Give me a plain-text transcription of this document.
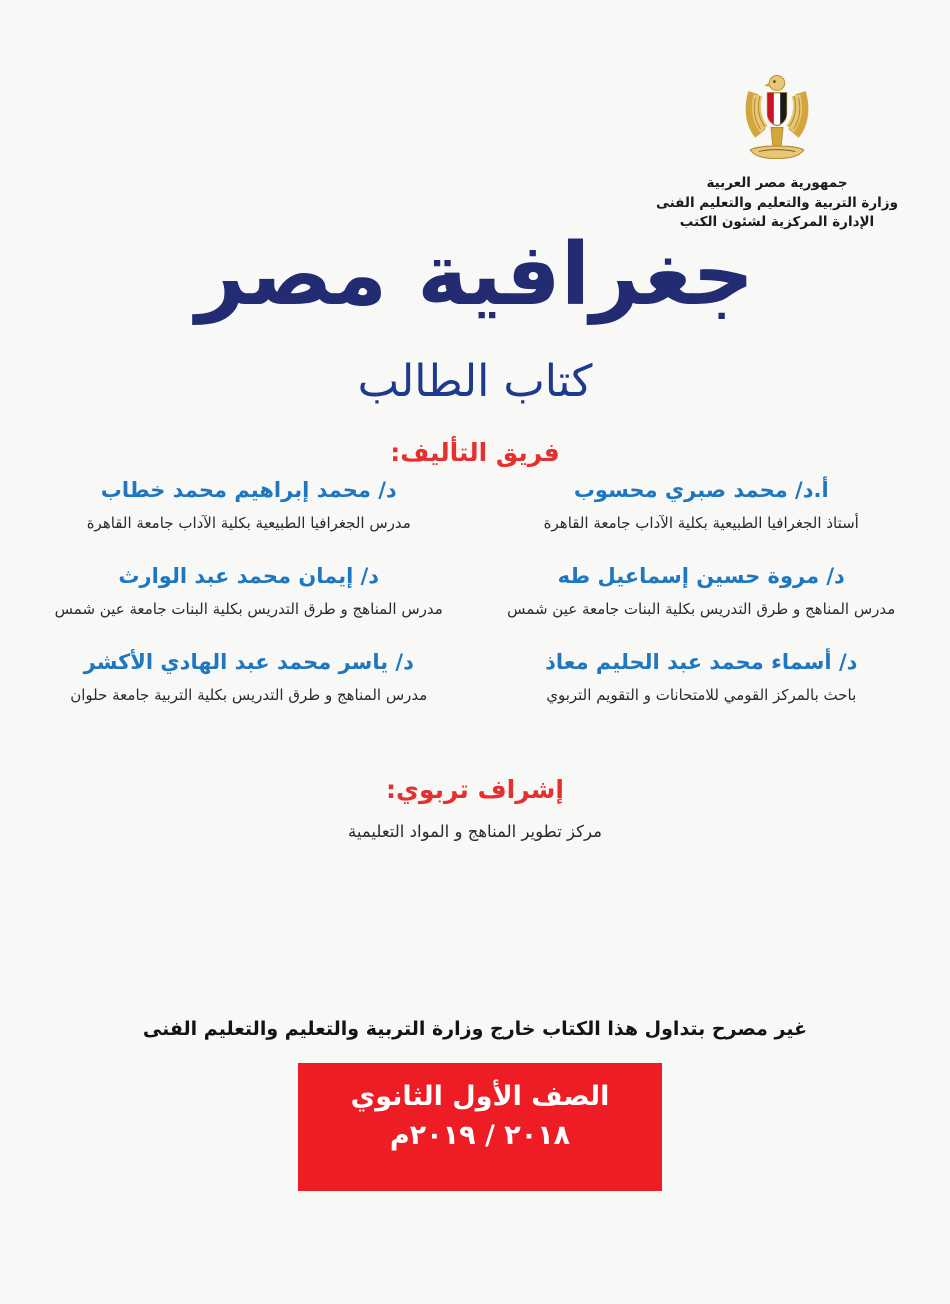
جمهورية مصر العربية
وزارة التربية والتعليم والتعليم الفنى
الإدارة المركزية لشئون الكتب
جغرافية مصر
كتاب الطالب
فريق التأليف:
أ.د/ محمد صبري محسوب
أستاذ الجغرافيا الطبيعية بكلية الآداب جامعة القاهرة
د/ محمد إبراهيم محمد خطاب
مدرس الجغرافيا الطبيعية بكلية الآداب جامعة القاهرة
د/ مروة حسين إسماعيل طه
مدرس المناهج و طرق التدريس بكلية البنات جامعة عين شمس
د/ إيمان محمد عبد الوارث
مدرس المناهج و طرق التدريس بكلية البنات جامعة عين شمس
د/ أسماء محمد عبد الحليم معاذ
باحث بالمركز القومي للامتحانات و التقويم التربوي
د/ ياسر محمد عبد الهادي الأكشر
مدرس المناهج و طرق التدريس بكلية التربية جامعة حلوان
إشراف تربوي:
مركز تطوير المناهج و المواد التعليمية
غير مصرح بتداول هذا الكتاب خارج وزارة التربية والتعليم والتعليم الفنى
الصف الأول الثانوي
٢٠١٨ / ٢٠١٩م
